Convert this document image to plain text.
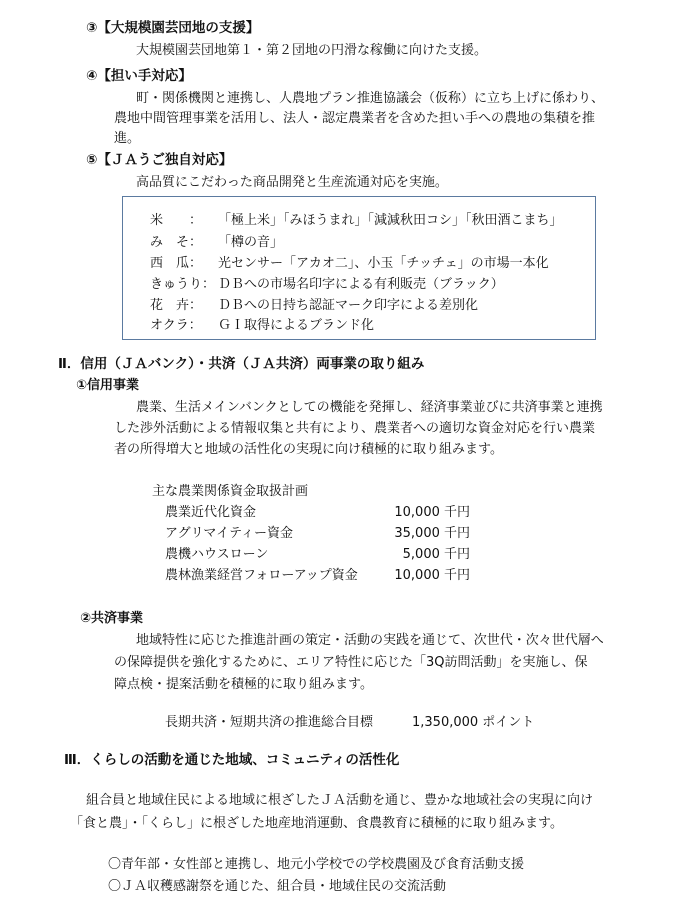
③【大規模園芸団地の支援】
大規模園芸団地第１・第２団地の円滑な稼働に向けた支援。
④【担い手対応】
町・関係機関と連携し、人農地プラン推進協議会（仮称）に立ち上げに係わり、
農地中間管理事業を活用し、法人・認定農業者を含めた担い手への農地の集積を推
進。
⑤【ＪＡうご独自対応】
高品質にこだわった商品開発と生産流通対応を実施。
米　　： 「極上米」「みほうまれ」「減減秋田コシ」「秋田酒こまち」
み　そ： 「樽の音」
西　瓜： 光センサー「アカオ二」、小玉「チッチェ」の市場一本化
きゅうり： ＤＢへの市場名印字による有利販売（ブラック）
花　卉： ＤＢへの日持ち認証マーク印字による差別化
オクラ： ＧＩ取得によるブランド化
Ⅱ．信用（ＪＡバンク）・共済（ＪＡ共済）両事業の取り組み
①信用事業
農業、生活メインバンクとしての機能を発揮し、経済事業並びに共済事業と連携
した渉外活動による情報収集と共有により、農業者への適切な資金対応を行い農業
者の所得増大と地域の活性化の実現に向け積極的に取り組みます。
主な農業関係資金取扱計画
農業近代化資金	10,000 千円
アグリマイティー資金	35,000 千円
農機ハウスローン	5,000 千円
農林漁業経営フォローアップ資金	10,000 千円
②共済事業
地域特性に応じた推進計画の策定・活動の実践を通じて、次世代・次々世代層へ
の保障提供を強化するために、エリア特性に応じた「3Q訪問活動」を実施し、保
障点検・提案活動を積極的に取り組みます。
長期共済・短期共済の推進総合目標	1,350,000 ポイント
Ⅲ．くらしの活動を通じた地域、コミュニティの活性化
組合員と地域住民による地域に根ざしたＪＡ活動を通じ、豊かな地域社会の実現に向け
「食と農」・「くらし」に根ざした地産地消運動、食農教育に積極的に取り組みます。
〇青年部・女性部と連携し、地元小学校での学校農園及び食育活動支援
〇ＪＡ収穫感謝祭を通じた、組合員・地域住民の交流活動
